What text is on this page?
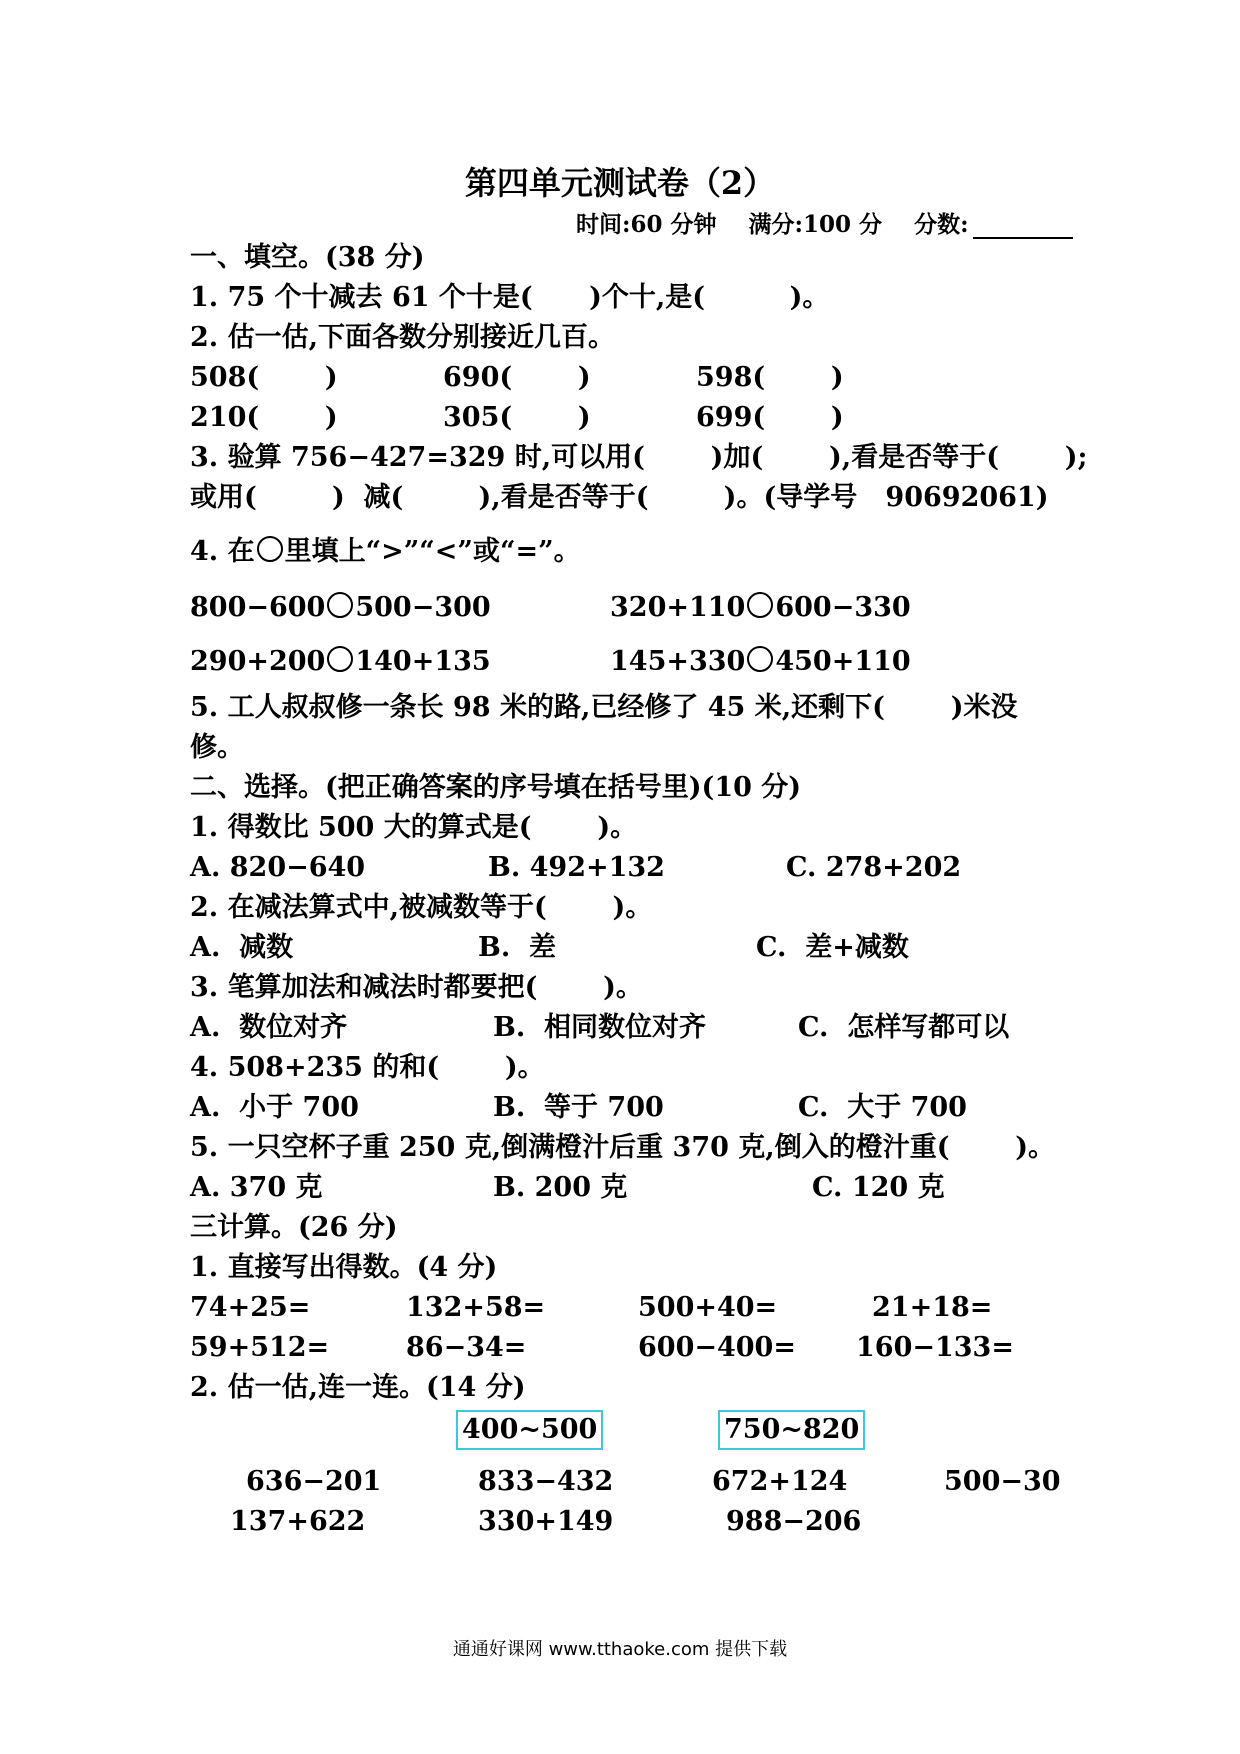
第四单元测试卷（2）
时间:60 分钟 满分:100 分 分数:
一、填空。(38 分)
1. 75 个十减去 61 个十是(      )个十,是(         )。
2. 估一估,下面各数分别接近几百。
508(       )	690(       )	598(       )
210(       )	305(       )	699(       )
3. 验算 756−427=329 时,可以用(       )加(       ),看是否等于(       );
或用(        )  减(        ),看是否等于(        )。(导学号   90692061)
4. 在 里填上“>”“<”或“=”。
800−600 500−300	320+110 600−330
290+200 140+135	145+330 450+110
5. 工人叔叔修一条长 98 米的路,已经修了 45 米,还剩下(       )米没
修。
二、选择。(把正确答案的序号填在括号里)(10 分)
1. 得数比 500 大的算式是(       )。
A. 820−640	B. 492+132	C. 278+202
2. 在减法算式中,被减数等于(       )。
A.  减数	B.  差	C.  差+减数
3. 笔算加法和减法时都要把(       )。
A.  数位对齐	B.  相同数位对齐	C.  怎样写都可以
4. 508+235 的和(       )。
A.  小于 700	B.  等于 700	C.  大于 700
5. 一只空杯子重 250 克,倒满橙汁后重 370 克,倒入的橙汁重(       )。
A. 370 克	B. 200 克	C. 120 克
三计算。(26 分)
1. 直接写出得数。(4 分)
74+25=	132+58=	500+40=	21+18=
59+512=	86−34=	600−400= 160−133=
2. 估一估,连一连。(14 分)
400~500	750~820
636−201	833−432	672+124	500−30
137+622	330+149	988−206
通通好课网 www.tthaoke.com 提供下载
